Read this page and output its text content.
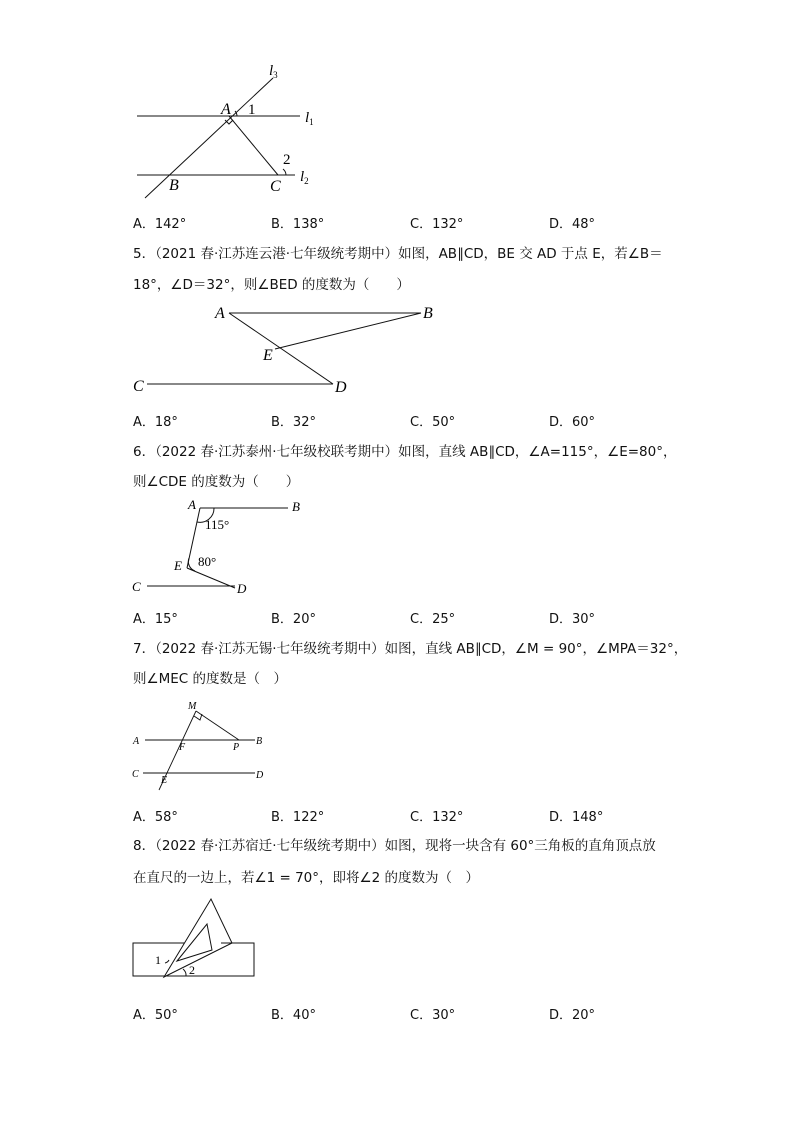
$l_3$
$l_1$
$l_2$
A
B	C
1
2
A．142°	B．138°	C．132°	D．48°
5．（2021 春·江苏连云港·七年级统考期中）如图，AB∥CD，BE 交 AD 于点 E，若∠B＝
18°，∠D＝32°，则∠BED 的度数为（　　）
A	B
C	D
E
A．18°	B．32°	C．50°	D．60°
6．（2022 春·江苏泰州·七年级校联考期中）如图，直线 AB∥CD，∠A=115°，∠E=80°，
则∠CDE 的度数为（　　）
A	B
C	D
E
115°
80°
A．15°	B．20°	C．25°	D．30°
7．（2022 春·江苏无锡·七年级统考期中）如图，直线 AB∥CD，∠M = 90°，∠MPA＝32°，
则∠MEC 的度数是（　）
M
A
F	P
B
C
E	D
A．58°	B．122°	C．132°	D．148°
8．（2022 春·江苏宿迁·七年级统考期中）如图，现将一块含有 60°三角板的直角顶点放
在直尺的一边上，若∠1 = 70°，即将∠2 的度数为（　）
1
2
A．50°	B．40°	C．30°	D．20°
